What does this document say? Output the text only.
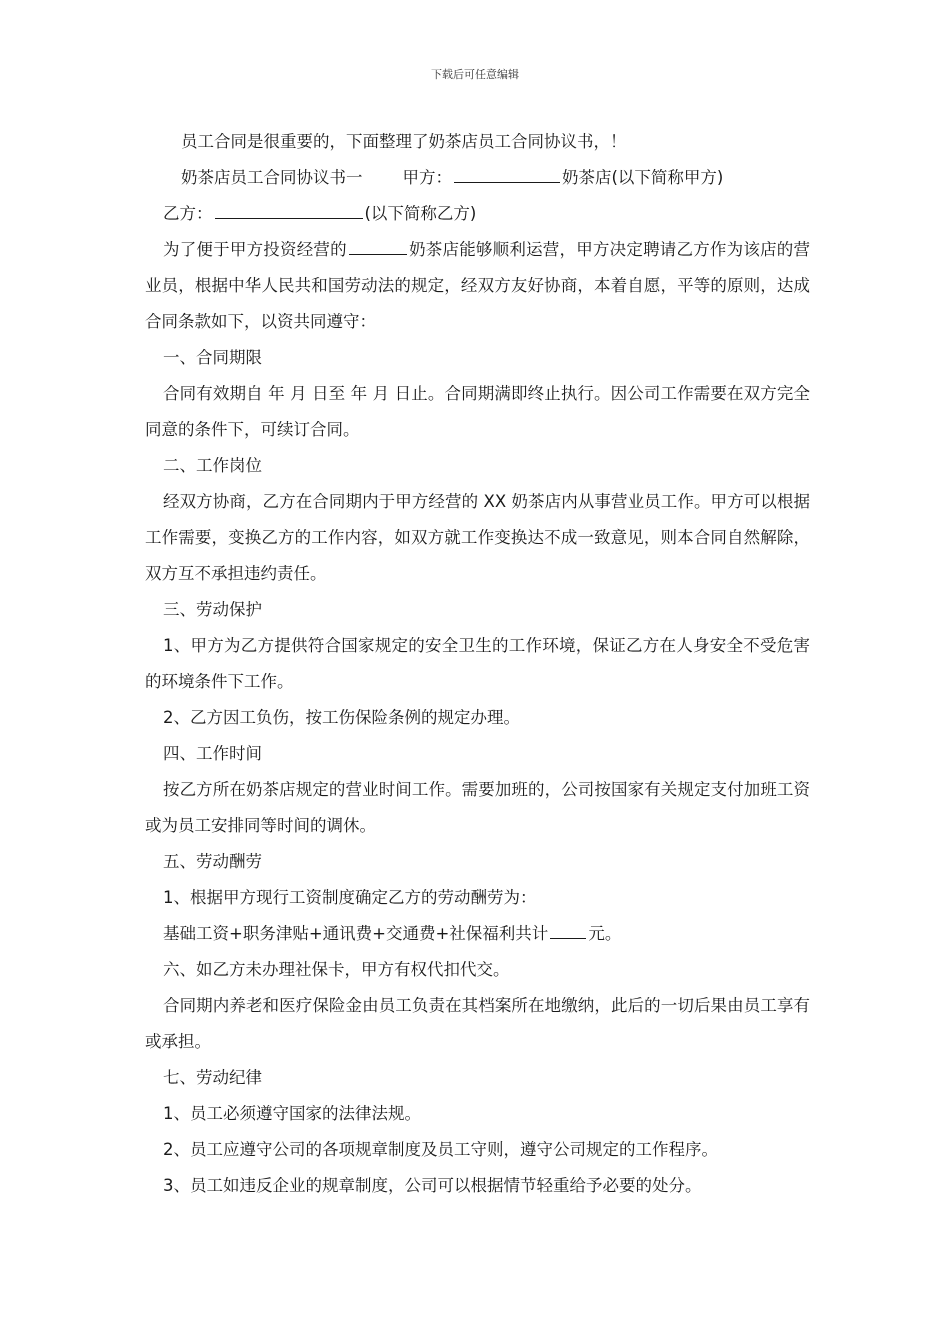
下载后可任意编辑
员工合同是很重要的，下面整理了奶茶店员工合同协议书，！
奶茶店员工合同协议书一 甲方：	奶茶店(以下简称甲方)
乙方：	(以下简称乙方)
为了便于甲方投资经营的	奶茶店能够顺利运营，甲方决定聘请乙方作为该店的营业员，根据中华人民共和国劳动法的规定，经双方友好协商，本着自愿，平等的原则，达成合同条款如下，以资共同遵守：
一、合同期限
合同有效期自 年 月 日至 年 月 日止。合同期满即终止执行。因公司工作需要在双方完全同意的条件下，可续订合同。
二、工作岗位
经双方协商，乙方在合同期内于甲方经营的 XX 奶茶店内从事营业员工作。甲方可以根据工作需要，变换乙方的工作内容，如双方就工作变换达不成一致意见，则本合同自然解除，双方互不承担违约责任。
三、劳动保护
1、甲方为乙方提供符合国家规定的安全卫生的工作环境，保证乙方在人身安全不受危害的环境条件下工作。
2、乙方因工负伤，按工伤保险条例的规定办理。
四、工作时间
按乙方所在奶茶店规定的营业时间工作。需要加班的，公司按国家有关规定支付加班工资或为员工安排同等时间的调休。
五、劳动酬劳
1、根据甲方现行工资制度确定乙方的劳动酬劳为：
基础工资+职务津贴+通讯费+交通费+社保福利共计 元。
六、如乙方未办理社保卡，甲方有权代扣代交。
合同期内养老和医疗保险金由员工负责在其档案所在地缴纳，此后的一切后果由员工享有或承担。
七、劳动纪律
1、员工必须遵守国家的法律法规。
2、员工应遵守公司的各项规章制度及员工守则，遵守公司规定的工作程序。
3、员工如违反企业的规章制度，公司可以根据情节轻重给予必要的处分。
